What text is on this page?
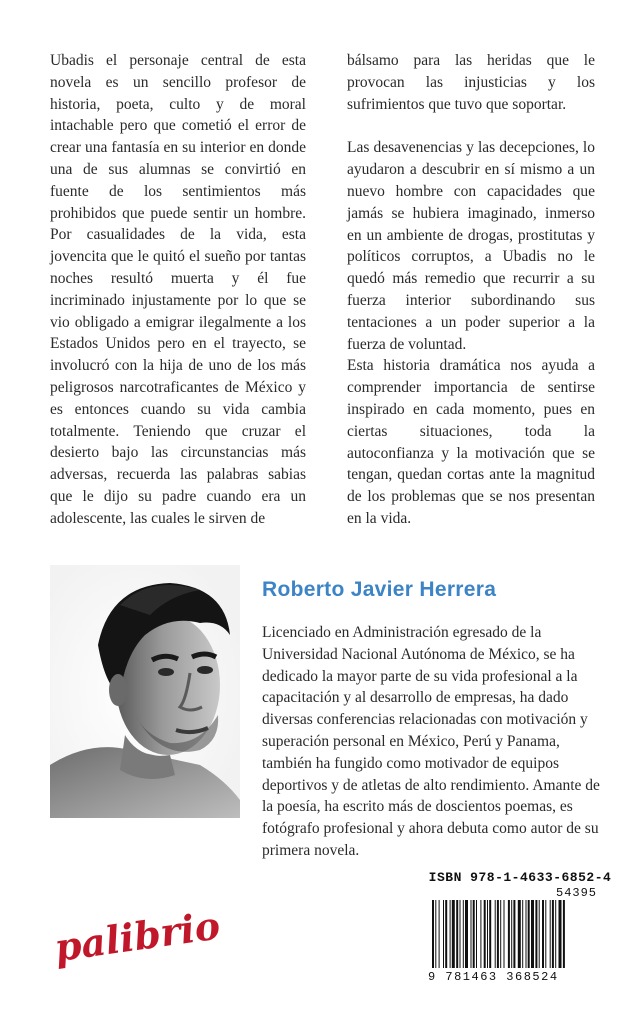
Ubadis el personaje central de esta novela es un sencillo profesor de historia, poeta, culto y de moral intachable pero que cometió el error de crear una fantasía en su interior en donde una de sus alumnas se convirtió en fuente de los sentimientos más prohibidos que puede sentir un hombre. Por casualidades de la vida, esta jovencita que le quitó el sueño por tantas noches resultó muerta y él fue incriminado injustamente por lo que se vio obligado a emigrar ilegalmente a los Estados Unidos pero en el trayecto, se involucró con la hija de uno de los más peligrosos narcotraficantes de México y es entonces cuando su vida cambia totalmente. Teniendo que cruzar el desierto bajo las circunstancias más adversas, recuerda las palabras sabias que le dijo su padre cuando era un adolescente, las cuales le sirven de

bálsamo para las heridas que le provocan las injusticias y los sufrimientos que tuvo que soportar.

Las desavenencias y las decepciones, lo ayudaron a descubrir en sí mismo a un nuevo hombre con capacidades que jamás se hubiera imaginado, inmerso en un ambiente de drogas, prostitutas y políticos corruptos, a Ubadis no le quedó más remedio que recurrir a su fuerza interior subordinando sus tentaciones a un poder superior a la fuerza de voluntad.

Esta historia dramática nos ayuda a comprender importancia de sentirse inspirado en cada momento, pues en ciertas situaciones, toda la autoconfianza y la motivación que se tengan, quedan cortas ante la magnitud de los problemas que se nos presentan en la vida.

Roberto Javier Herrera

Licenciado en Administración egresado de la Universidad Nacional Autónoma de México, se ha dedicado la mayor parte de su vida profesional a la capacitación y al desarrollo de empresas, ha dado diversas conferencias relacionadas con motivación y superación personal en México, Perú y Panama, también ha fungido como motivador de equipos deportivos y de atletas de alto rendimiento. Amante de la poesía, ha escrito más de doscientos poemas, es fotógrafo profesional y ahora debuta como autor de su primera novela.

palibrio
ISBN 978-1-4633-6852-4
54395
9 781463 368524
